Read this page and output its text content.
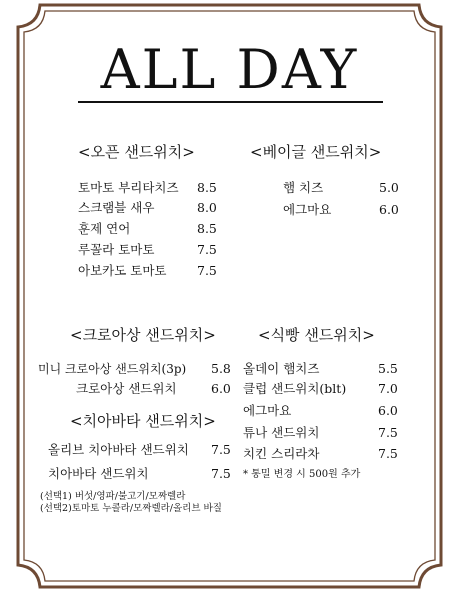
ALL DAY
<오픈 샌드위치>
토마토 부리타치즈 8.5
스크램블 새우	8.0
훈제 연어	8.5
루꼴라 토마토	7.5
아보카도 토마토 7.5
<베이글 샌드위치>
햄 치즈	5.0
에그마요	6.0
<크로아상 샌드위치>
미니 크로아상 샌드위치(3p) 5.8
크로아상 샌드위치	6.0
<치아바타 샌드위치>
올리브 치아바타 샌드위치 7.5
치아바타 샌드위치	7.5
<식빵 샌드위치>
올데이 햄치즈	5.5
클럽 샌드위치(blt)	7.0
에그마요	6.0
튜나 샌드위치	7.5
치킨 스리라차	7.5
* 통밀 변경 시 500원 추가
(선택1) 버섯/영파/불고기/모짜렐라
(선택2)토마토 누콜라/모짜렐라/올리브 바질
